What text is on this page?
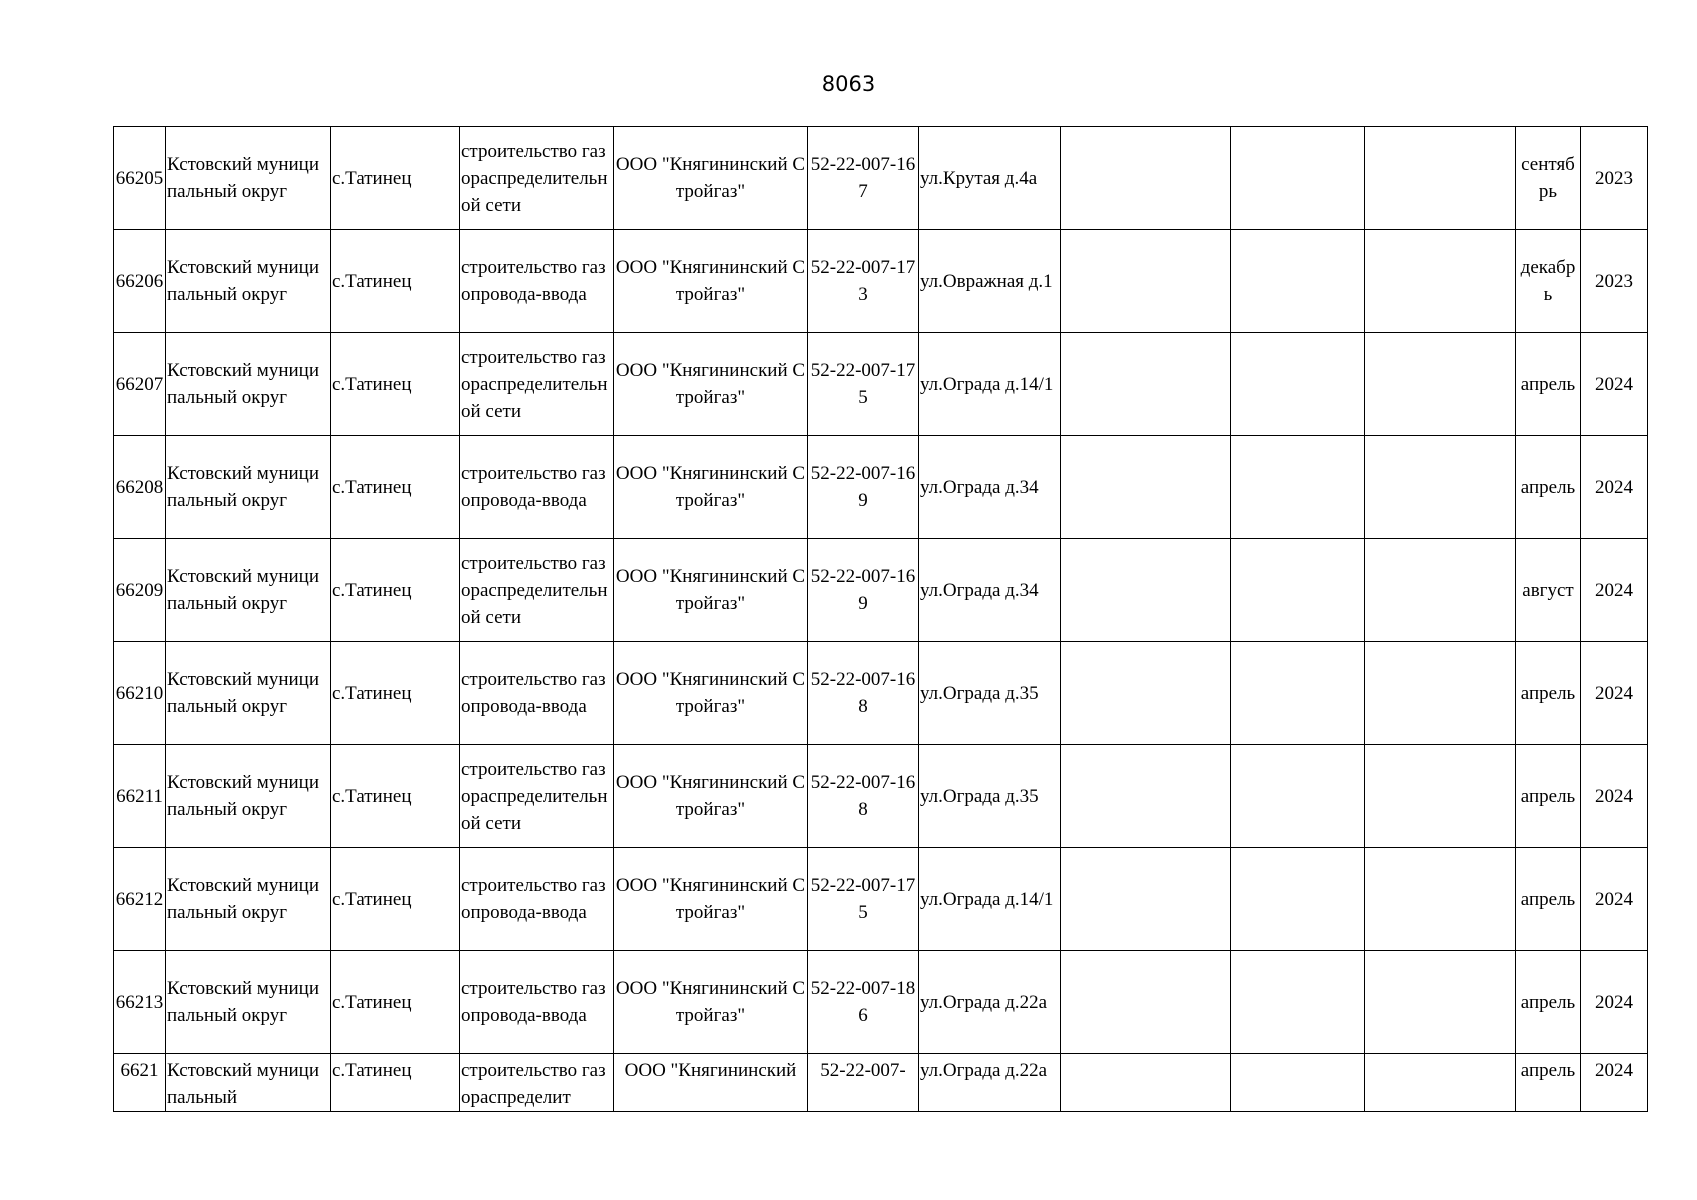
8063
66205	Кстовский муниципальный округ	с.Татинец	строительство газораспределительной сети	ООО "Княгининский Стройгаз"	52-22-007-167	ул.Крутая д.4а				сентябрь	2023
66206	Кстовский муниципальный округ	с.Татинец	строительство газопровода-ввода	ООО "Княгининский Стройгаз"	52-22-007-173	ул.Овражная д.1				декабрь	2023
66207	Кстовский муниципальный округ	с.Татинец	строительство газораспределительной сети	ООО "Княгининский Стройгаз"	52-22-007-175	ул.Ограда д.14/1				апрель	2024
66208	Кстовский муниципальный округ	с.Татинец	строительство газопровода-ввода	ООО "Княгининский Стройгаз"	52-22-007-169	ул.Ограда д.34				апрель	2024
66209	Кстовский муниципальный округ	с.Татинец	строительство газораспределительной сети	ООО "Княгининский Стройгаз"	52-22-007-169	ул.Ограда д.34				август	2024
66210	Кстовский муниципальный округ	с.Татинец	строительство газопровода-ввода	ООО "Княгининский Стройгаз"	52-22-007-168	ул.Ограда д.35				апрель	2024
66211	Кстовский муниципальный округ	с.Татинец	строительство газораспределительной сети	ООО "Княгининский Стройгаз"	52-22-007-168	ул.Ограда д.35				апрель	2024
66212	Кстовский муниципальный округ	с.Татинец	строительство газопровода-ввода	ООО "Княгининский Стройгаз"	52-22-007-175	ул.Ограда д.14/1				апрель	2024
66213	Кстовский муниципальный округ	с.Татинец	строительство газопровода-ввода	ООО "Княгининский Стройгаз"	52-22-007-186	ул.Ограда д.22а				апрель	2024
6621	Кстовский муниципальный	с.Татинец	строительство газораспределит	ООО "Княгининский	52-22-007-	ул.Ограда д.22а				апрель	2024
